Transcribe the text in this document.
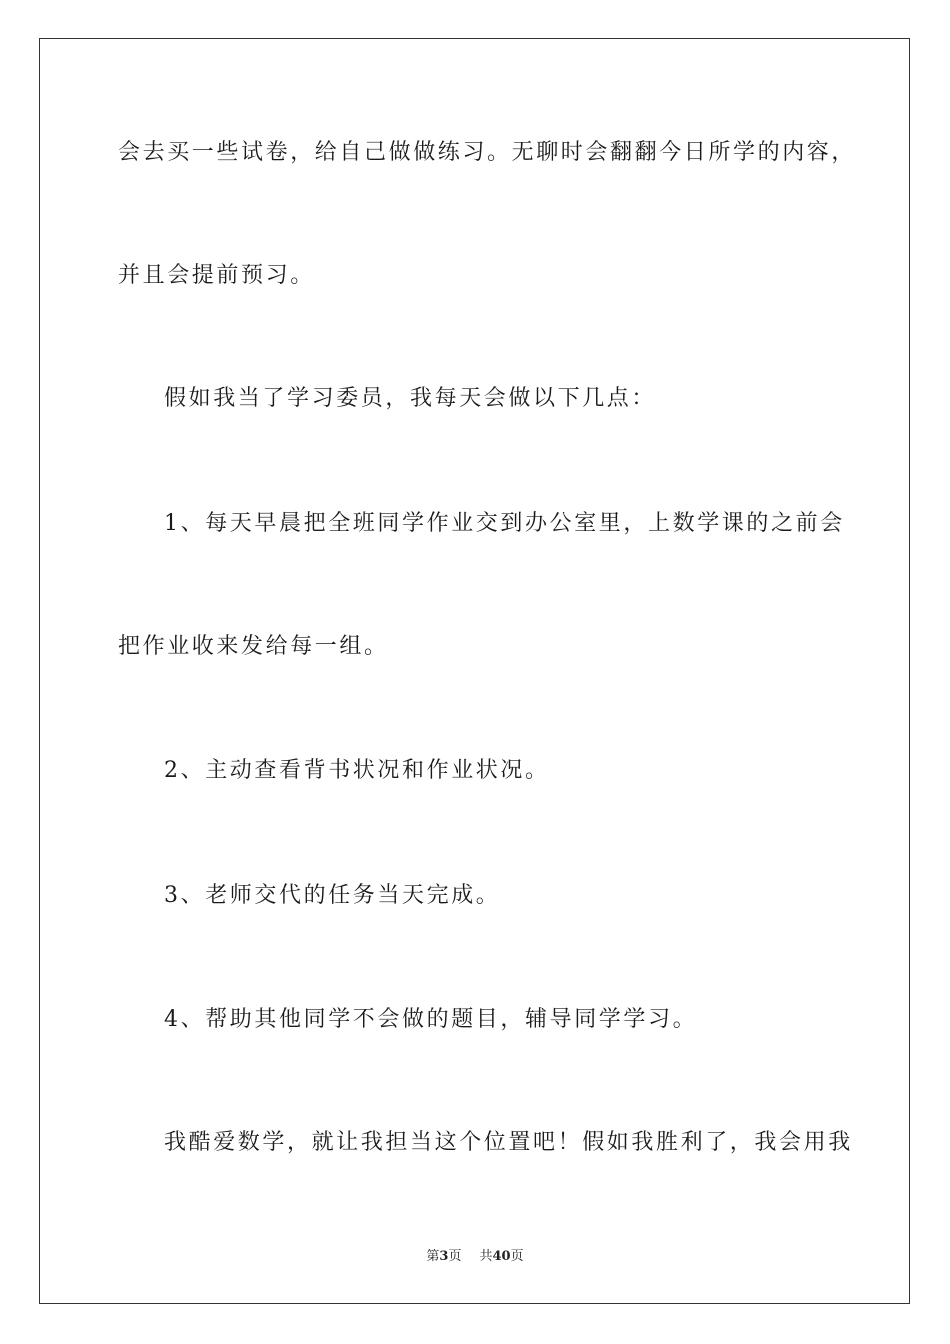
会去买一些试卷，给自己做做练习。无聊时会翻翻今日所学的内容，
并且会提前预习。
假如我当了学习委员，我每天会做以下几点：
1、每天早晨把全班同学作业交到办公室里，上数学课的之前会
把作业收来发给每一组。
2、主动查看背书状况和作业状况。
3、老师交代的任务当天完成。
4、帮助其他同学不会做的题目，辅导同学学习。
我酷爱数学，就让我担当这个位置吧！假如我胜利了，我会用我
第3页 共40页
